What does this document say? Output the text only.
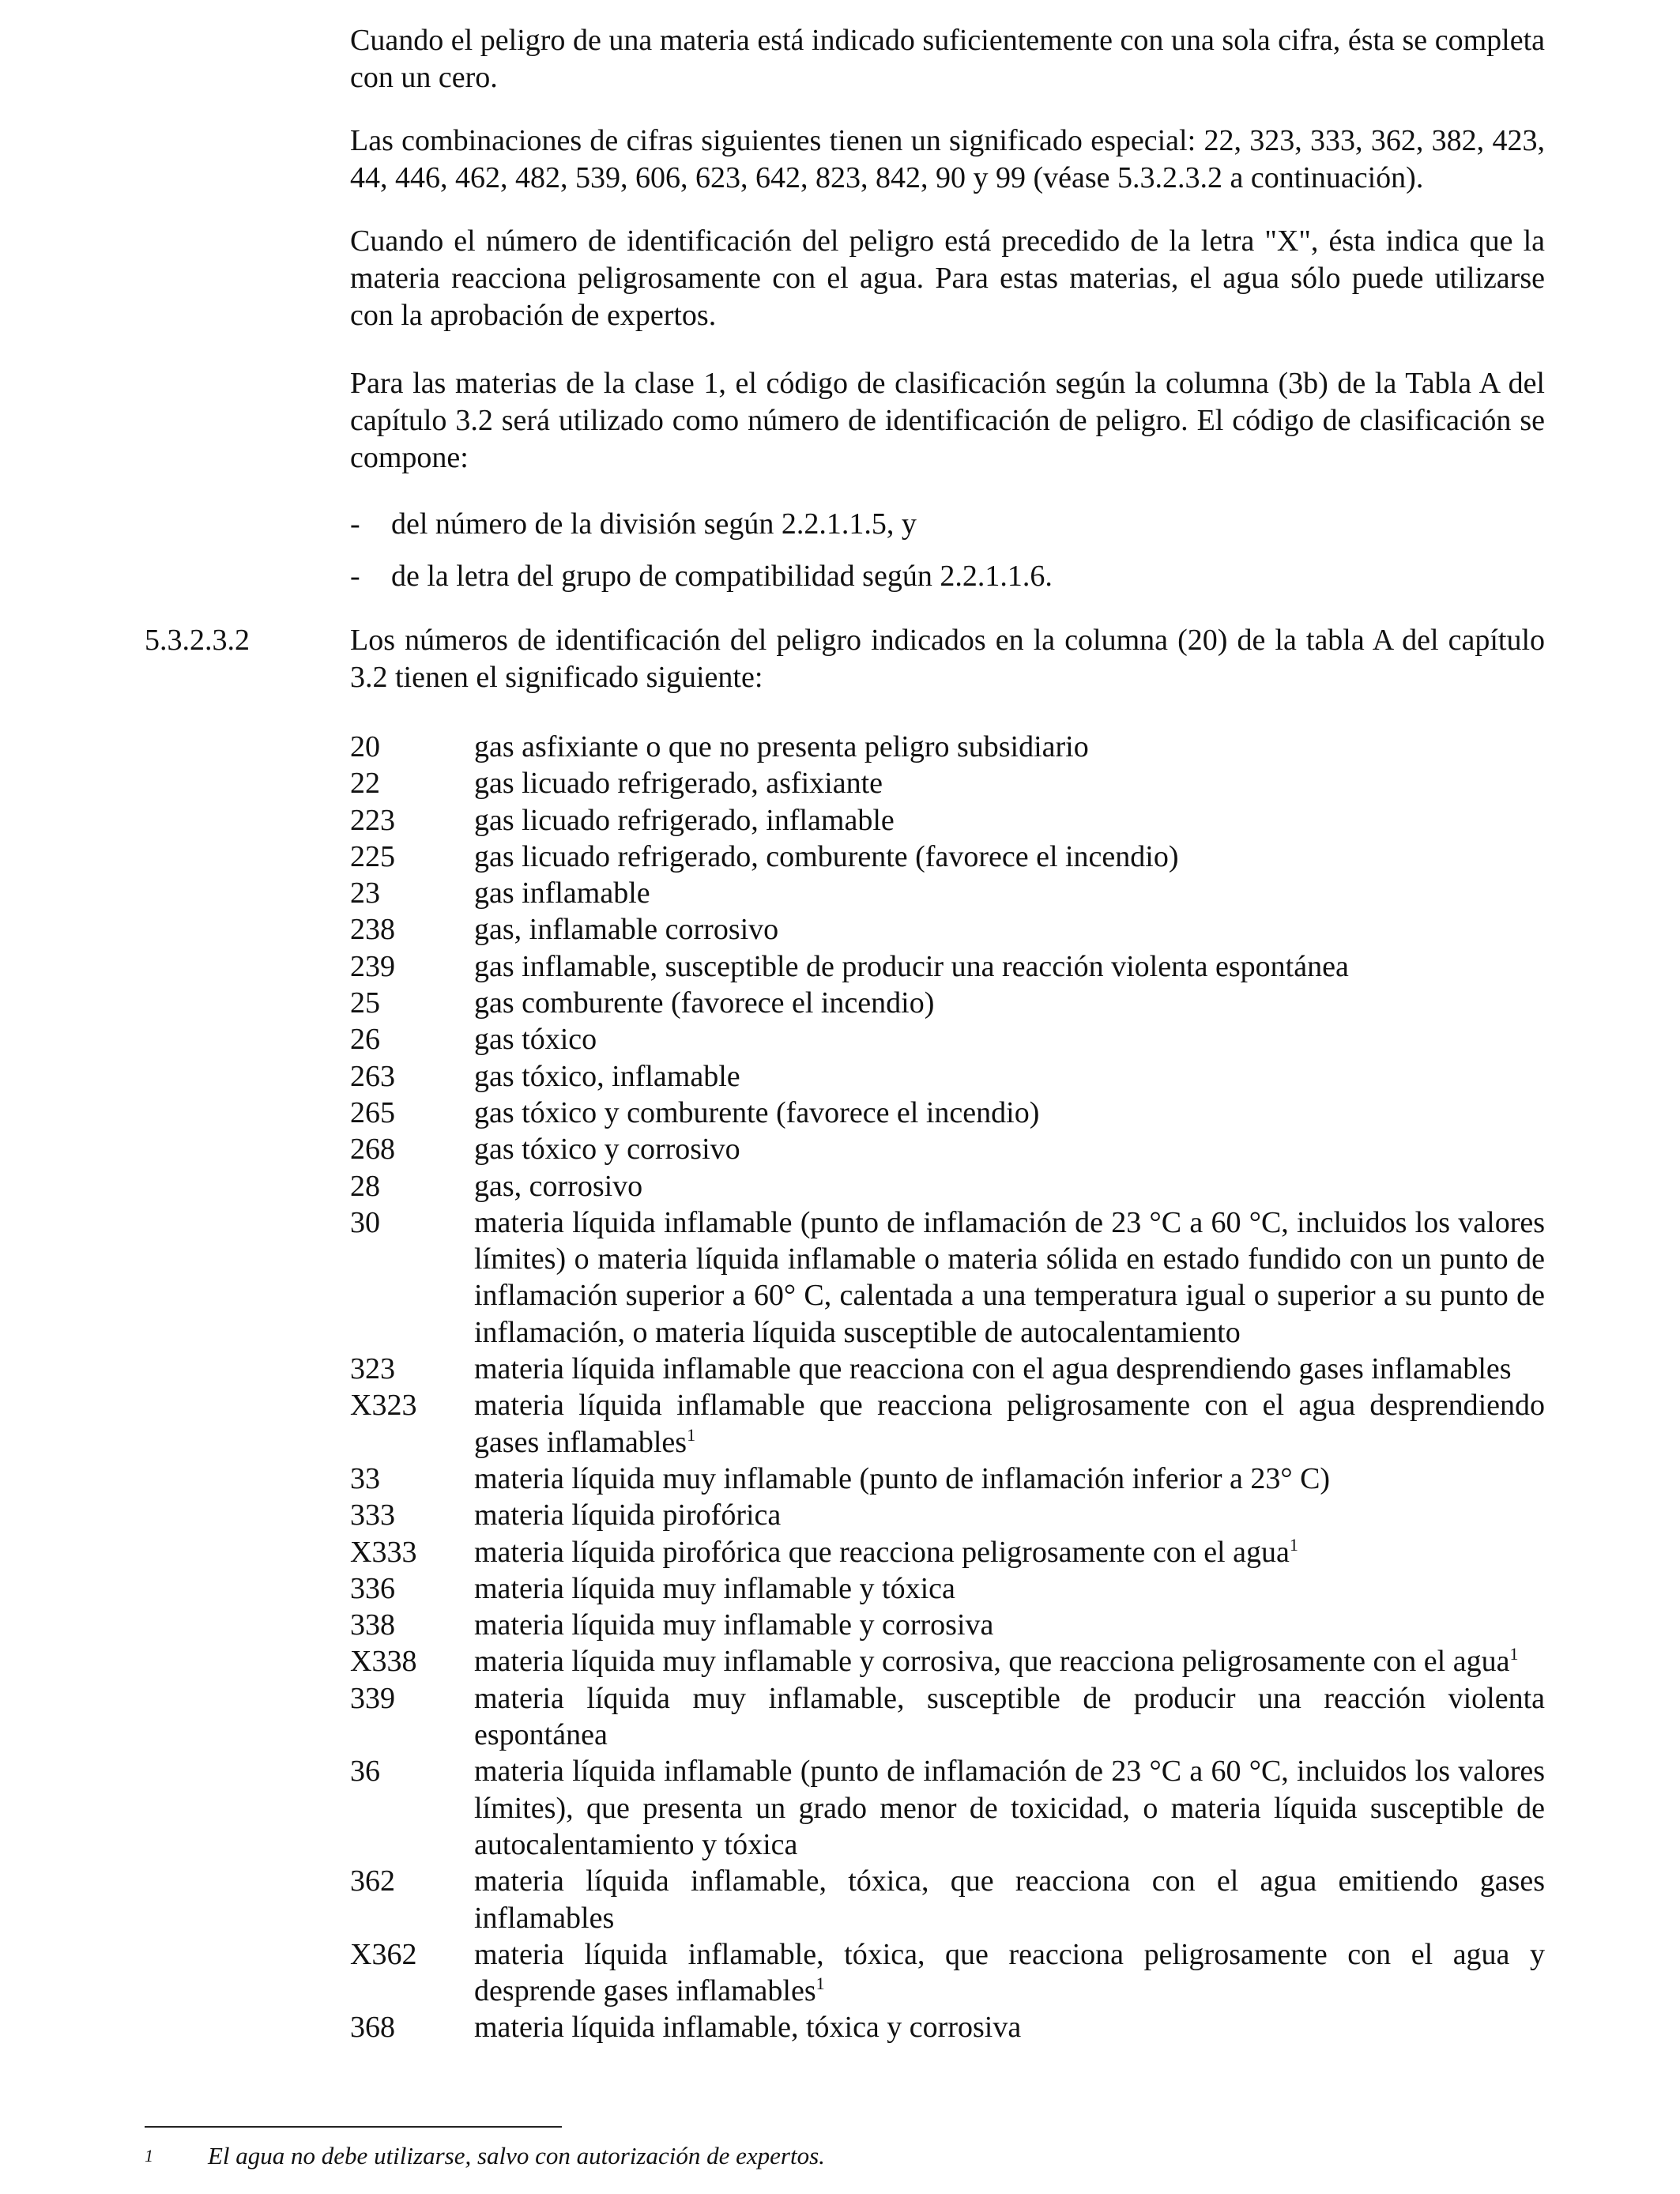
Cuando el peligro de una materia está indicado suficientemente con una sola cifra, ésta se completa con un cero.

Las combinaciones de cifras siguientes tienen un significado especial: 22, 323, 333, 362, 382, 423, 44, 446, 462, 482, 539, 606, 623, 642, 823, 842, 90 y 99 (véase 5.3.2.3.2 a continuación).

Cuando el número de identificación del peligro está precedido de la letra "X", ésta indica que la materia reacciona peligrosamente con el agua. Para estas materias, el agua sólo puede utilizarse con la aprobación de expertos.

Para las materias de la clase 1, el código de clasificación según la columna (3b) de la Tabla A del capítulo 3.2 será utilizado como número de identificación de peligro. El código de clasificación se compone:

- del número de la división según 2.2.1.1.5, y
- de la letra del grupo de compatibilidad según 2.2.1.1.6.
5.3.2.3.2	Los números de identificación del peligro indicados en la columna (20) de la tabla A del capítulo 3.2 tienen el significado siguiente:

20	gas asfixiante o que no presenta peligro subsidiario
22	gas licuado refrigerado, asfixiante
223	gas licuado refrigerado, inflamable
225	gas licuado refrigerado, comburente (favorece el incendio)
23	gas inflamable
238	gas, inflamable corrosivo
239	gas inflamable, susceptible de producir una reacción violenta espontánea
25	gas comburente (favorece el incendio)
26	gas tóxico
263	gas tóxico, inflamable
265	gas tóxico y comburente (favorece el incendio)
268	gas tóxico y corrosivo
28	gas, corrosivo
30	materia líquida inflamable (punto de inflamación de 23 °C a 60 °C, incluidos los valores límites) o materia líquida inflamable o materia sólida en estado fundido con un punto de inflamación superior a 60° C, calentada a una temperatura igual o superior a su punto de inflamación, o materia líquida susceptible de autocalentamiento
323	materia líquida inflamable que reacciona con el agua desprendiendo gases inflamables
X323	materia líquida inflamable que reacciona peligrosamente con el agua desprendiendo gases inflamables$^1$
33	materia líquida muy inflamable (punto de inflamación inferior a 23° C)
333	materia líquida pirofórica
X333	materia líquida pirofórica que reacciona peligrosamente con el agua$^1$
336	materia líquida muy inflamable y tóxica
338	materia líquida muy inflamable y corrosiva
X338	materia líquida muy inflamable y corrosiva, que reacciona peligrosamente con el agua$^1$
339	materia líquida muy inflamable, susceptible de producir una reacción violenta espontánea
36	materia líquida inflamable (punto de inflamación de 23 °C a 60 °C, incluidos los valores límites), que presenta un grado menor de toxicidad, o materia líquida susceptible de autocalentamiento y tóxica
362	materia líquida inflamable, tóxica, que reacciona con el agua emitiendo gases inflamables
X362	materia líquida inflamable, tóxica, que reacciona peligrosamente con el agua y desprende gases inflamables$^1$
368	materia líquida inflamable, tóxica y corrosiva
1	El agua no debe utilizarse, salvo con autorización de expertos.
